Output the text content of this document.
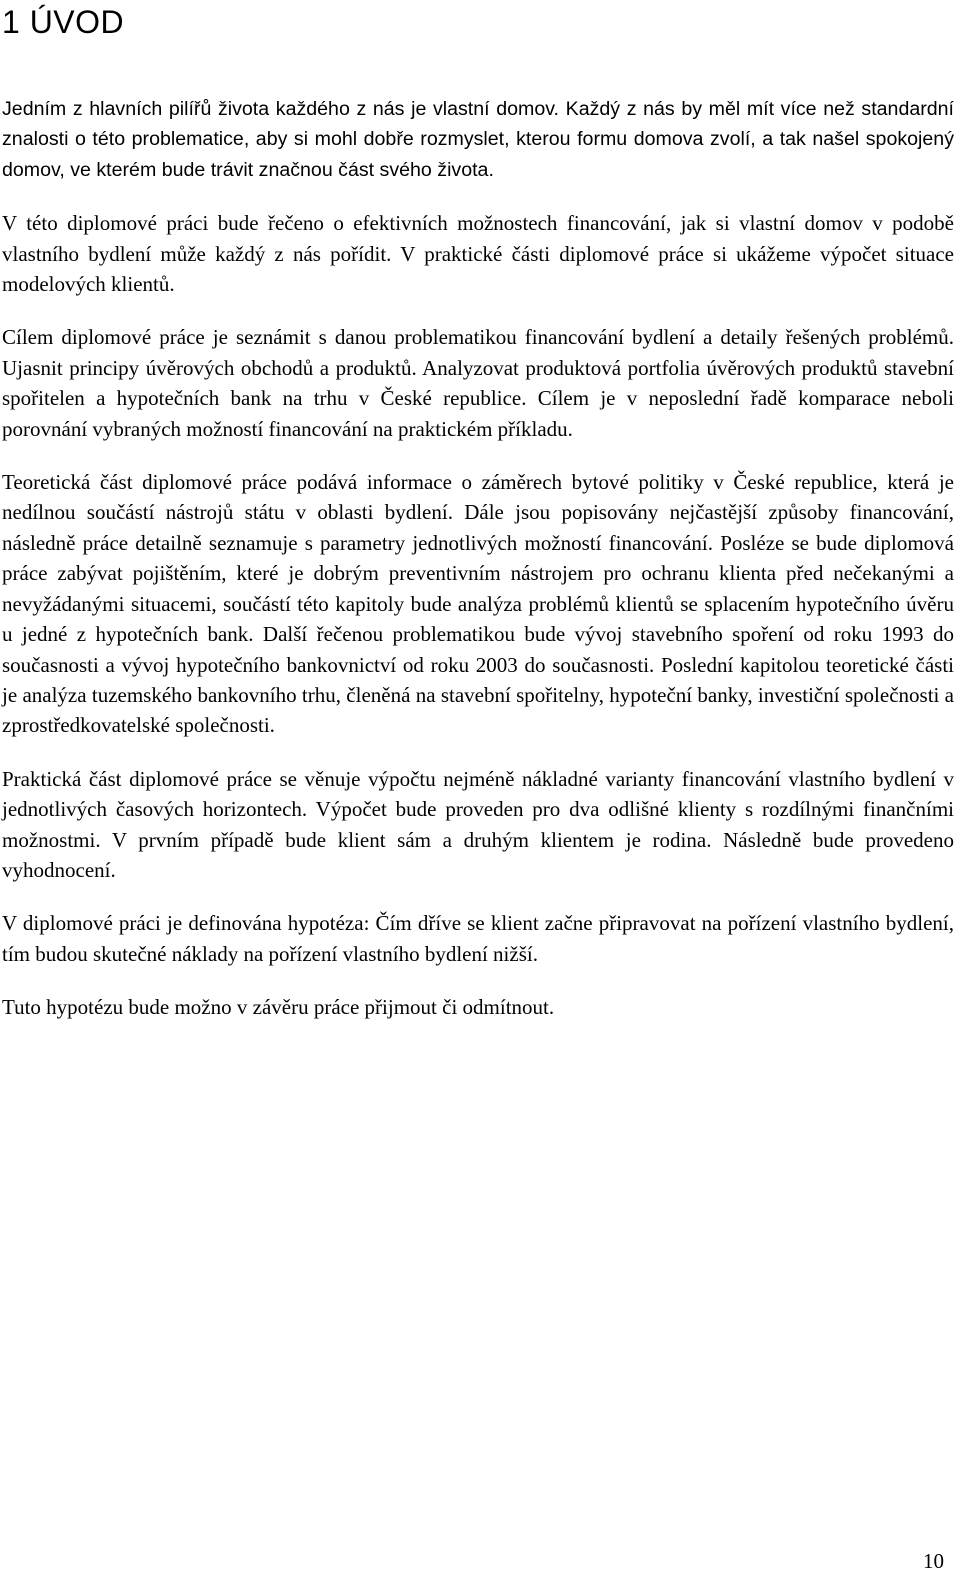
1 ÚVOD

Jedním z hlavních pilířů života každého z nás je vlastní domov. Každý z nás by měl mít více než standardní znalosti o této problematice, aby si mohl dobře rozmyslet, kterou formu domova zvolí, a tak našel spokojený domov, ve kterém bude trávit značnou část svého života.

V této diplomové práci bude řečeno o efektivních možnostech financování, jak si vlastní domov v podobě vlastního bydlení může každý z nás pořídit. V praktické části diplomové práce si ukážeme výpočet situace modelových klientů.

Cílem diplomové práce je seznámit s danou problematikou financování bydlení a detaily řešených problémů. Ujasnit principy úvěrových obchodů a produktů. Analyzovat produktová portfolia úvěrových produktů stavební spořitelen a hypotečních bank na trhu v České republice. Cílem je v neposlední řadě komparace neboli porovnání vybraných možností financování na praktickém příkladu.

Teoretická část diplomové práce podává informace o záměrech bytové politiky v České republice, která je nedílnou součástí nástrojů státu v oblasti bydlení. Dále jsou popisovány nejčastější způsoby financování, následně práce detailně seznamuje s parametry jednotlivých možností financování. Posléze se bude diplomová práce zabývat pojištěním, které je dobrým preventivním nástrojem pro ochranu klienta před nečekanými a nevyžádanými situacemi, součástí této kapitoly bude analýza problémů klientů se splacením hypotečního úvěru u jedné z hypotečních bank. Další řečenou problematikou bude vývoj stavebního spoření od roku 1993 do současnosti a vývoj hypotečního bankovnictví od roku 2003 do současnosti. Poslední kapitolou teoretické části je analýza tuzemského bankovního trhu, členěná na stavební spořitelny, hypoteční banky, investiční společnosti a zprostředkovatelské společnosti.

Praktická část diplomové práce se věnuje výpočtu nejméně nákladné varianty financování vlastního bydlení v jednotlivých časových horizontech. Výpočet bude proveden pro dva odlišné klienty s rozdílnými finančními možnostmi. V prvním případě bude klient sám a druhým klientem je rodina. Následně bude provedeno vyhodnocení.

V diplomové práci je definována hypotéza: Čím dříve se klient začne připravovat na pořízení vlastního bydlení, tím budou skutečné náklady na pořízení vlastního bydlení nižší.

Tuto hypotézu bude možno v závěru práce přijmout či odmítnout.

10
